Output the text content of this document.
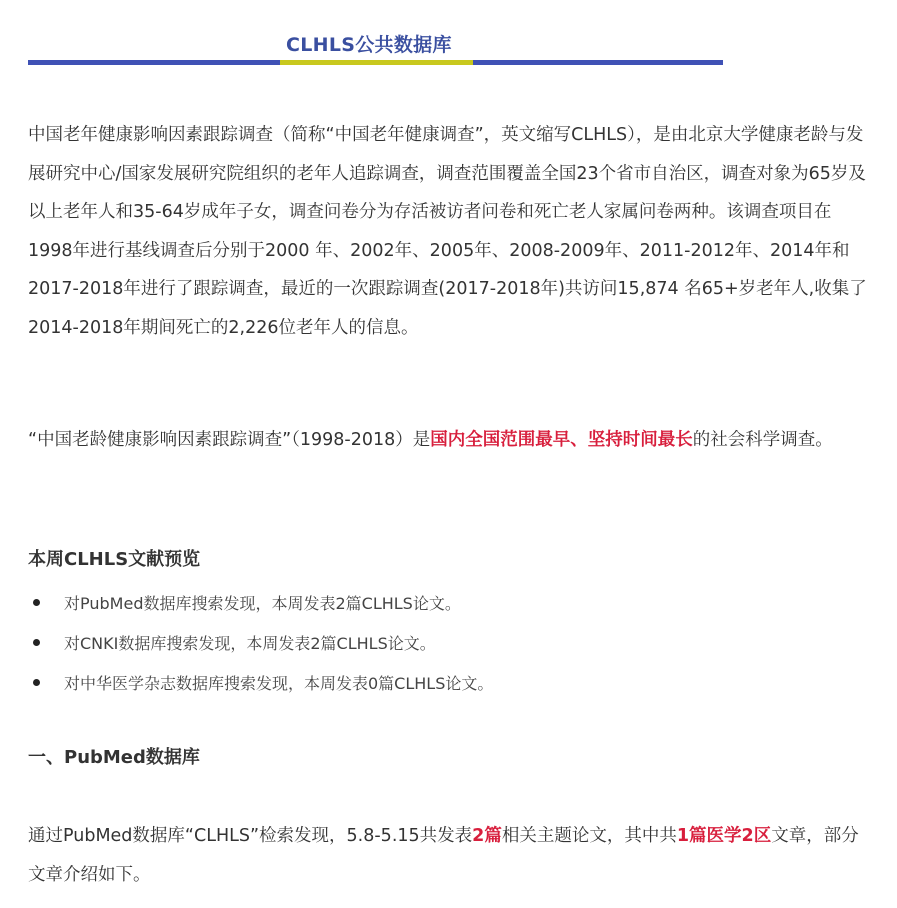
CLHLS公共数据库

中国老年健康影响因素跟踪调查（简称“中国老年健康调查”，英文缩写CLHLS），是由北京大学健康老龄与发展研究中心/国家发展研究院组织的老年人追踪调查，调查范围覆盖全国23个省市自治区，调查对象为65岁及以上老年人和35-64岁成年子女，调查问卷分为存活被访者问卷和死亡老人家属问卷两种。该调查项目在1998年进行基线调查后分别于2000 年、2002年、2005年、2008-2009年、2011-2012年、2014年和2017-2018年进行了跟踪调查，最近的一次跟踪调查(2017-2018年)共访问15,874 名65+岁老年人,收集了2014-2018年期间死亡的2,226位老年人的信息。

“中国老龄健康影响因素跟踪调查”（1998-2018）是国内全国范围最早、坚持时间最长的社会科学调查。

本周CLHLS文献预览
对PubMed数据库搜索发现，本周发表2篇CLHLS论文。
对CNKI数据库搜索发现，本周发表2篇CLHLS论文。
对中华医学杂志数据库搜索发现，本周发表0篇CLHLS论文。
一、PubMed数据库

通过PubMed数据库“CLHLS”检索发现，5.8-5.15共发表2篇相关主题论文，其中共1篇医学2区文章，部分文章介绍如下。
